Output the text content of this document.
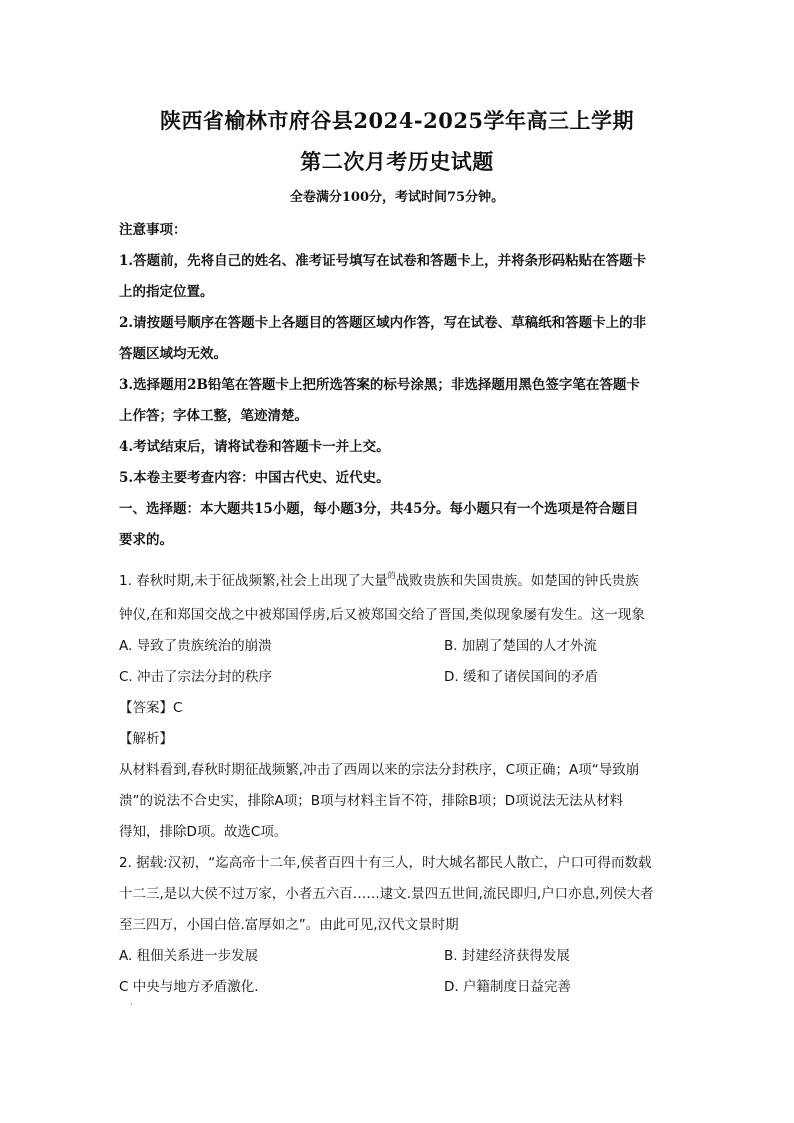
陕西省榆林市府谷县2024-2025学年高三上学期
第二次月考历史试题
全卷满分100分，考试时间75分钟。
注意事项：
1.答题前，先将自己的姓名、准考证号填写在试卷和答题卡上，并将条形码粘贴在答题卡
上的指定位置。
2.请按题号顺序在答题卡上各题目的答题区域内作答，写在试卷、草稿纸和答题卡上的非
答题区域均无效。
3.选择题用2B铅笔在答题卡上把所选答案的标号涂黑；非选择题用黑色签字笔在答题卡
上作答；字体工整，笔迹清楚。
4.考试结束后，请将试卷和答题卡一并上交。
5.本卷主要考查内容：中国古代史、近代史。
一、选择题：本大题共15小题，每小题3分，共45分。每小题只有一个选项是符合题目
要求的。
1. 春秋时期,未于征战频繁,社会上出现了大量$^的$战败贵族和失国贵族。如楚国的钟氏贵族
钟仪,在和郑国交战之中被郑国俘虏,后又被郑国交给了晋国,类似现象屡有发生。这一现象
A. 导致了贵族统治的崩溃	B. 加剧了楚国的人才外流
C. 冲击了宗法分封的秩序	D. 缓和了诸侯国间的矛盾
【答案】C
【解析】
从材料看到,春秋时期征战频繁,冲击了西周以来的宗法分封秩序，C项正确；A项“导致崩
溃”的说法不合史实，排除A项；B项与材料主旨不符，排除B项；D项说法无法从材料
得知，排除D项。故选C项。
2. 据载:汉初，“迄高帝十二年,侯者百四十有三人，时大城名都民人散亡，户口可得而数载
十二三,是以大侯不过万家，小者五六百……逮文.景四五世间,流民即归,户口亦息,列侯大者
至三四万，小国白倍.富厚如之”。由此可见,汉代文景时期
A. 租佃关系进一步发展	B. 封建经济获得发展
C 中央与地方矛盾激化.	D. 户籍制度日益完善
·
